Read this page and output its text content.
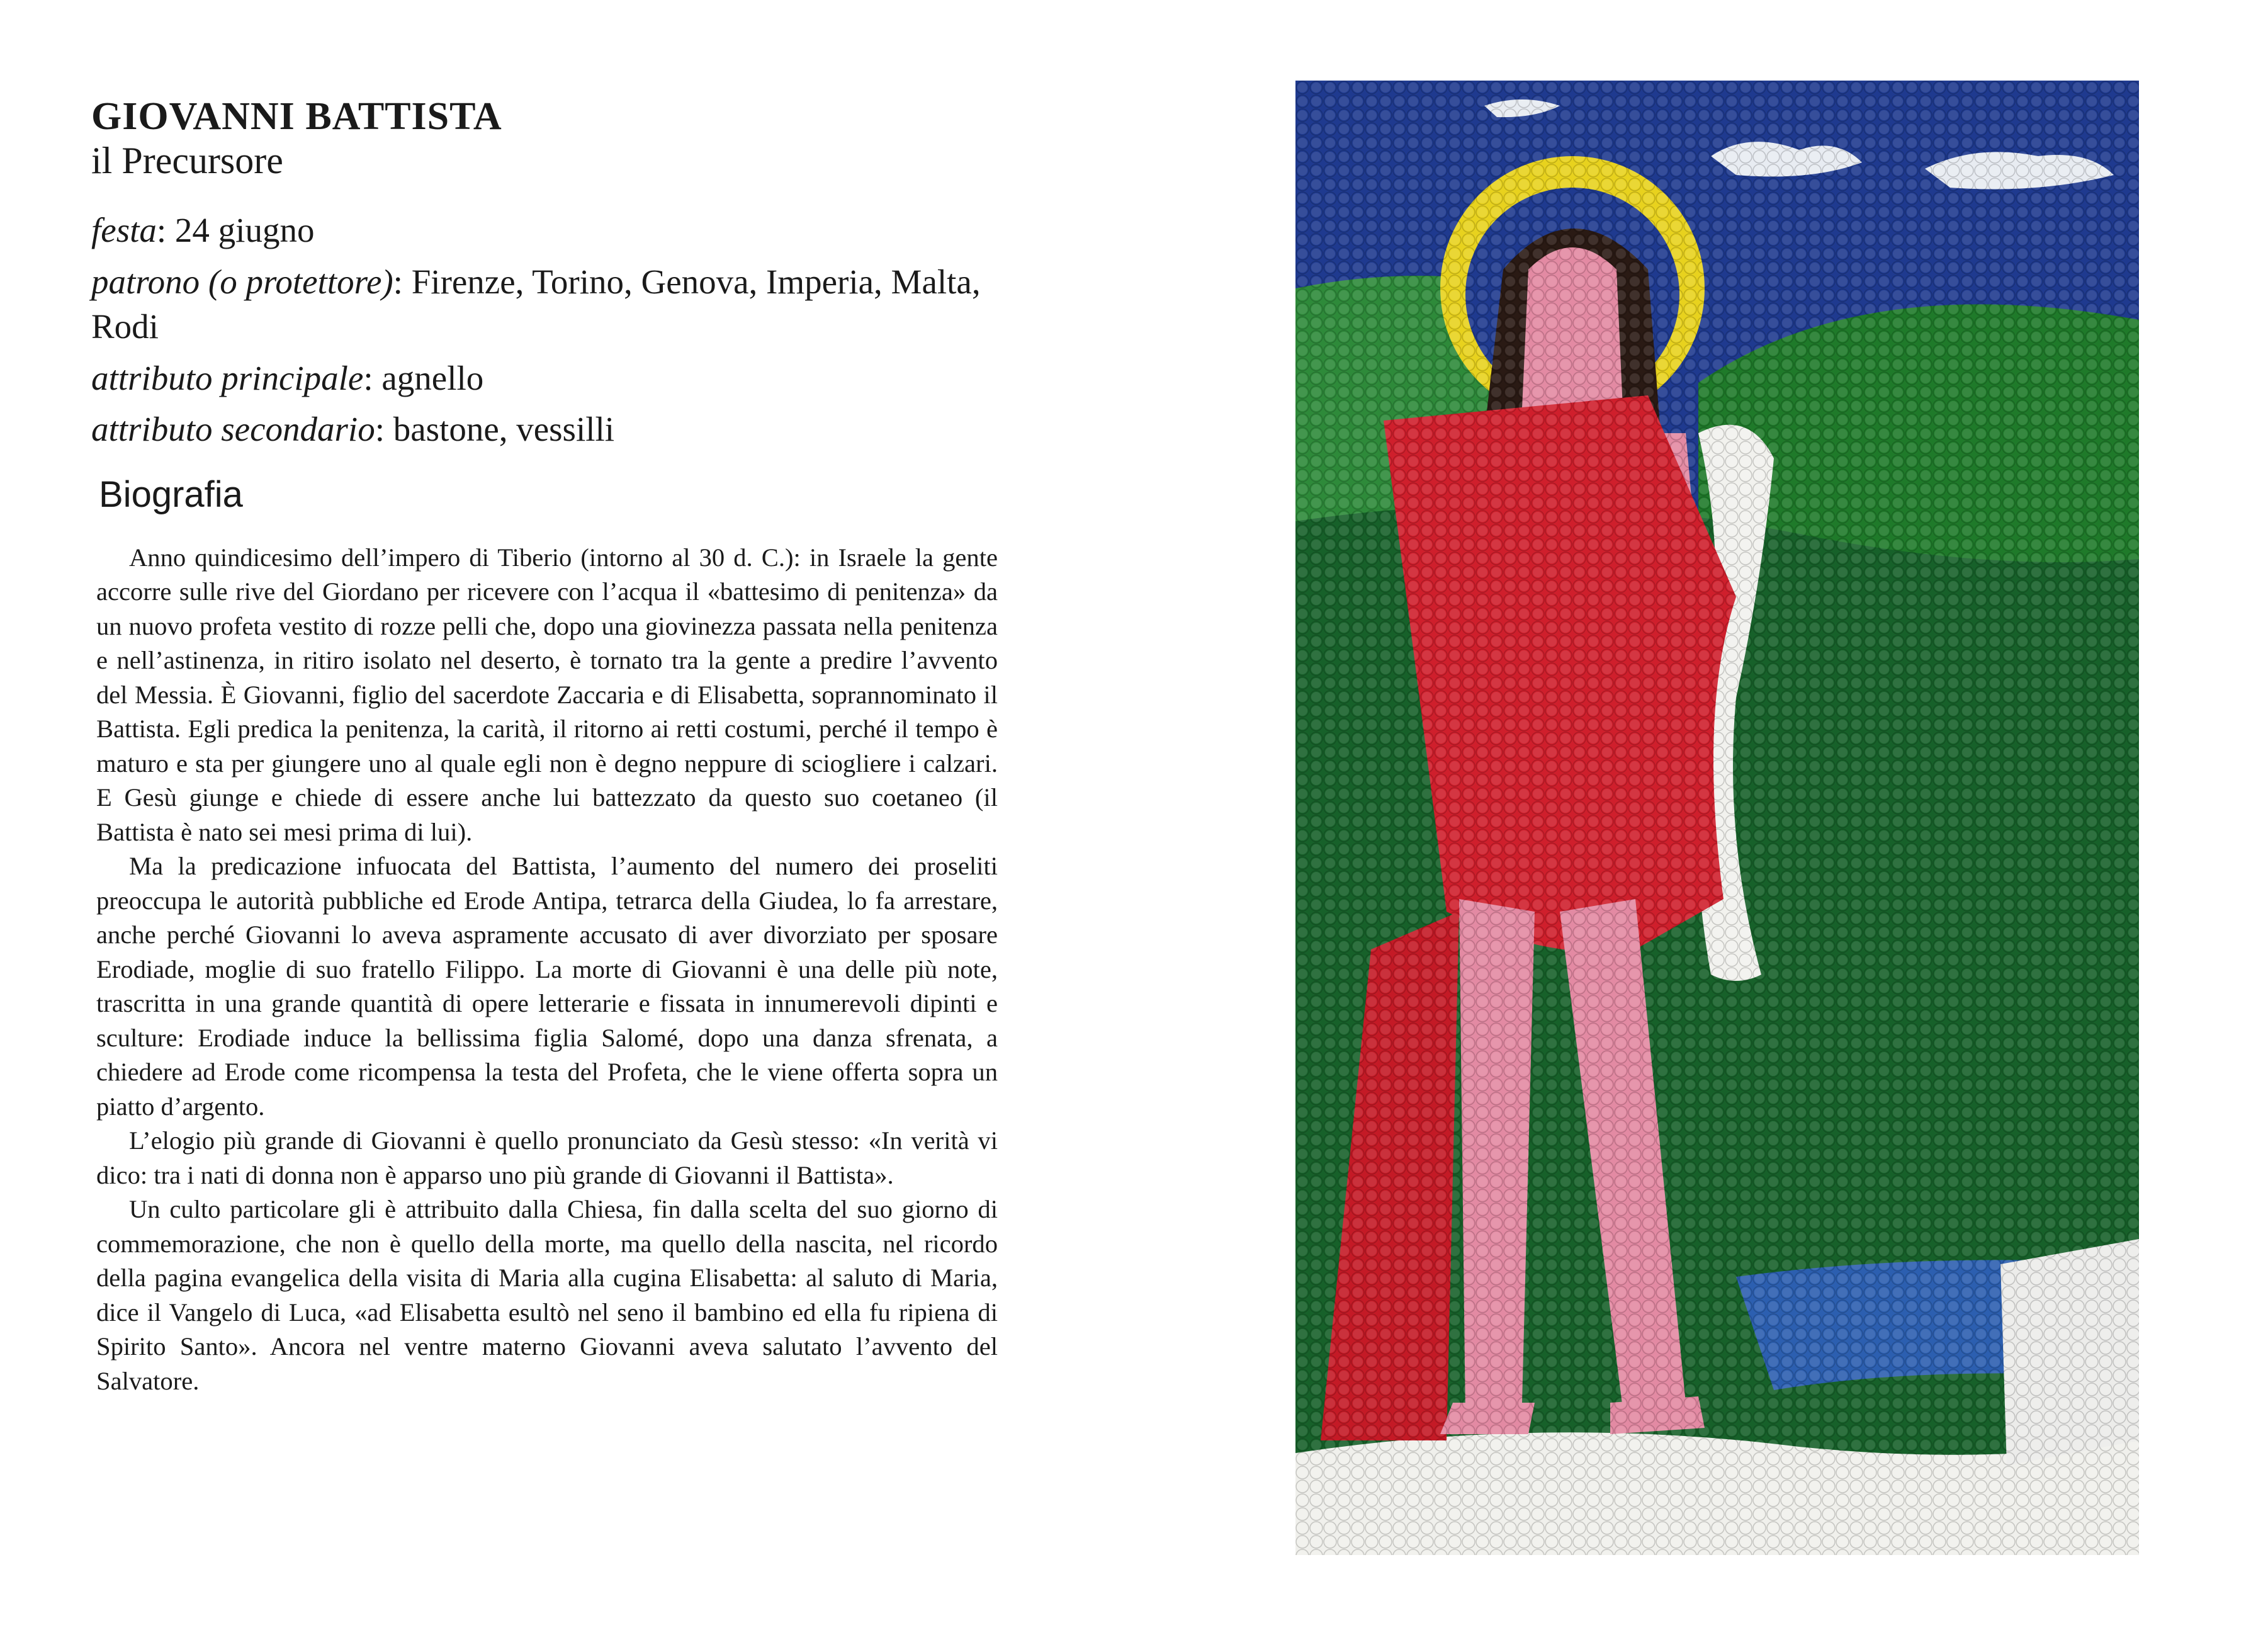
GIOVANNI BATTISTA
il Precursore
festa: 24 giugno
patrono (o protettore): Firenze, Torino, Genova, Imperia, Malta, Rodi
attributo principale: agnello
attributo secondario: bastone, vessilli
Biografia

Anno quindicesimo dell’impero di Tiberio (intorno al 30 d. C.): in Israele la gente accorre sulle rive del Giordano per ricevere con l’acqua il «battesimo di penitenza» da un nuovo profeta vestito di rozze pelli che, dopo una giovinezza passata nella penitenza e nell’astinenza, in ritiro isolato nel deserto, è tornato tra la gente a predire l’avvento del Messia. È Giovanni, figlio del sacerdote Zaccaria e di Elisabetta, soprannominato il Battista. Egli predica la penitenza, la carità, il ritorno ai retti costumi, perché il tempo è maturo e sta per giungere uno al quale egli non è degno neppure di sciogliere i calzari. E Gesù giunge e chiede di essere anche lui battezzato da questo suo coetaneo (il Battista è nato sei mesi prima di lui).

Ma la predicazione infuocata del Battista, l’aumento del numero dei proseliti preoccupa le autorità pubbliche ed Erode Antipa, tetrarca della Giudea, lo fa arrestare, anche perché Giovanni lo aveva aspramente accusato di aver divorziato per sposare Erodiade, moglie di suo fratello Filippo. La morte di Giovanni è una delle più note, trascritta in una grande quantità di opere letterarie e fissata in innumerevoli dipinti e sculture: Erodiade induce la bellissima figlia Salomé, dopo una danza sfrenata, a chiedere ad Erode come ricompensa la testa del Profeta, che le viene offerta sopra un piatto d’argento.

L’elogio più grande di Giovanni è quello pronunciato da Gesù stesso: «In verità vi dico: tra i nati di donna non è apparso uno più grande di Giovanni il Battista».

Un culto particolare gli è attribuito dalla Chiesa, fin dalla scelta del suo giorno di commemorazione, che non è quello della morte, ma quello della nascita, nel ricordo della pagina evangelica della visita di Maria alla cugina Elisabetta: al saluto di Maria, dice il Vangelo di Luca, «ad Elisabetta esultò nel seno il bambino ed ella fu ripiena di Spirito Santo». Ancora nel ventre materno Giovanni aveva salutato l’avvento del Salvatore.
